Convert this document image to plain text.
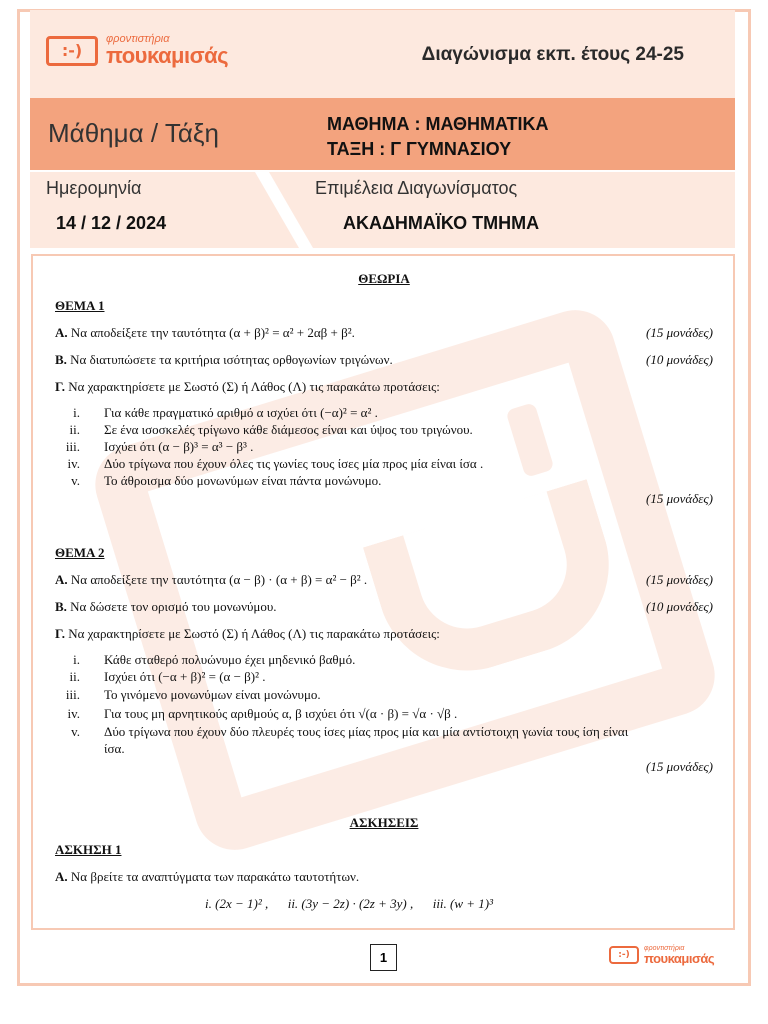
:-)
φροντιστήρια
πουκαμισάς	Διαγώνισμα εκπ. έτους 24-25
Μάθημα / Τάξη	ΜΑΘΗΜΑ : ΜΑΘΗΜΑΤΙΚΑ
ΤΑΞΗ : Γ ΓΥΜΝΑΣΙΟΥ
Ημερομηνία
14 / 12 / 2024
Επιμέλεια Διαγωνίσματος
ΑΚΑΔΗΜΑΪΚΟ ΤΜΗΜΑ
ΘΕΩΡΙΑ
ΘΕΜΑ 1
Α. Να αποδείξετε την ταυτότητα (α + β)² = α² + 2αβ + β².	(15 μονάδες)
Β. Να διατυπώσετε τα κριτήρια ισότητας ορθογωνίων τριγώνων.	(10 μονάδες)
Γ. Να χαρακτηρίσετε με Σωστό (Σ) ή Λάθος (Λ) τις παρακάτω προτάσεις:
i. Για κάθε πραγματικό αριθμό α ισχύει ότι (−α)² = α² .
ii. Σε ένα ισοσκελές τρίγωνο κάθε διάμεσος είναι και ύψος του τριγώνου.
iii. Ισχύει ότι (α − β)³ = α³ − β³ .
iv. Δύο τρίγωνα που έχουν όλες τις γωνίες τους ίσες μία προς μία είναι ίσα .
v. Το άθροισμα δύο μονωνύμων είναι πάντα μονώνυμο.
(15 μονάδες)
ΘΕΜΑ 2
Α. Να αποδείξετε την ταυτότητα (α − β) · (α + β) = α² − β² .	(15 μονάδες)
Β. Να δώσετε τον ορισμό του μονωνύμου.	(10 μονάδες)
Γ. Να χαρακτηρίσετε με Σωστό (Σ) ή Λάθος (Λ) τις παρακάτω προτάσεις:
i. Κάθε σταθερό πολυώνυμο έχει μηδενικό βαθμό.
ii. Ισχύει ότι (−α + β)² = (α − β)² .
iii. Το γινόμενο μονωνύμων είναι μονώνυμο.
iv. Για τους μη αρνητικούς αριθμούς α, β ισχύει ότι √(α · β) = √α · √β .
v. Δύο τρίγωνα που έχουν δύο πλευρές τους ίσες μίας προς μία και μία αντίστοιχη γωνία τους ίση είναι
ίσα.
(15 μονάδες)
ΑΣΚΗΣΕΙΣ
ΑΣΚΗΣΗ 1
Α. Να βρείτε τα αναπτύγματα των παρακάτω ταυτοτήτων.
i. (2x − 1)² ,      ii. (3y − 2z) · (2z + 3y) ,      iii. (w + 1)³
1	:-)
φροντιστήρια
πουκαμισάς
